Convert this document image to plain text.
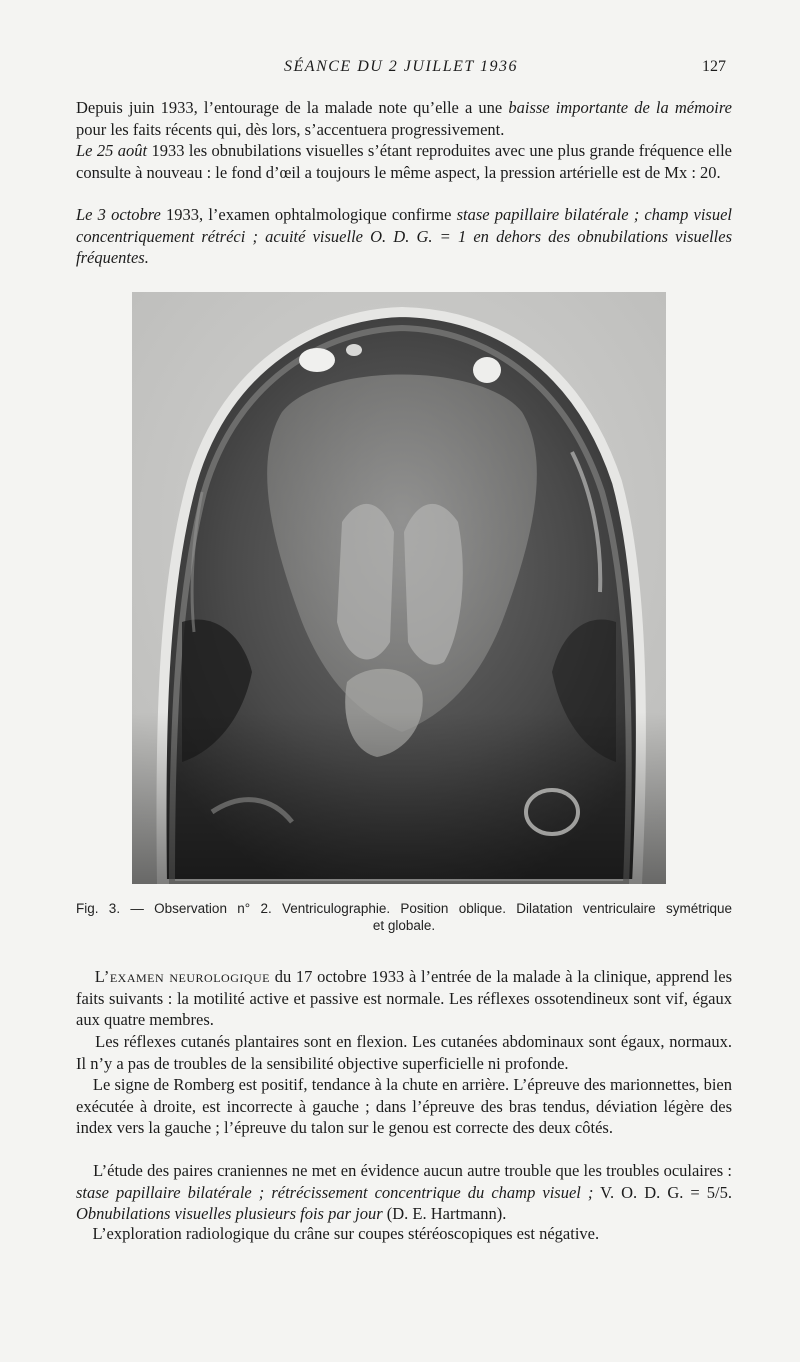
SÉANCE DU 2 JUILLET 1936	127

Depuis juin 1933, l’entourage de la malade note qu’elle a une baisse importante de la mémoire pour les faits récents qui, dès lors, s’accentuera progressivement.

Le 25 août 1933 les obnubilations visuelles s’étant reproduites avec une plus grande fréquence elle consulte à nouveau : le fond d’œil a toujours le même aspect, la pression artérielle est de Mx : 20.

Le 3 octobre 1933, l’examen ophtalmologique confirme stase papillaire bilatérale ; champ visuel concentriquement rétréci ; acuité visuelle O. D. G. = 1 en dehors des obnubilations visuelles fréquentes.

Fig. 3. — Observation n° 2. Ventriculographie. Position oblique. Dilatation ventriculaire symétrique
et globale.

L’examen neurologique du 17 octobre 1933 à l’entrée de la malade à la clinique, apprend les faits suivants : la motilité active et passive est normale. Les réflexes ossotendineux sont vif, égaux aux quatre membres.

Les réflexes cutanés plantaires sont en flexion. Les cutanées abdominaux sont égaux, normaux. Il n’y a pas de troubles de la sensibilité objective superficielle ni profonde.

Le signe de Romberg est positif, tendance à la chute en arrière. L’épreuve des marionnettes, bien exécutée à droite, est incorrecte à gauche ; dans l’épreuve des bras tendus, déviation légère des index vers la gauche ; l’épreuve du talon sur le genou est correcte des deux côtés.

L’étude des paires craniennes ne met en évidence aucun autre trouble que les troubles oculaires : stase papillaire bilatérale ; rétrécissement concentrique du champ visuel ; V. O. D. G. = 5/5. Obnubilations visuelles plusieurs fois par jour (D. E. Hartmann).

L’exploration radiologique du crâne sur coupes stéréoscopiques est négative.
